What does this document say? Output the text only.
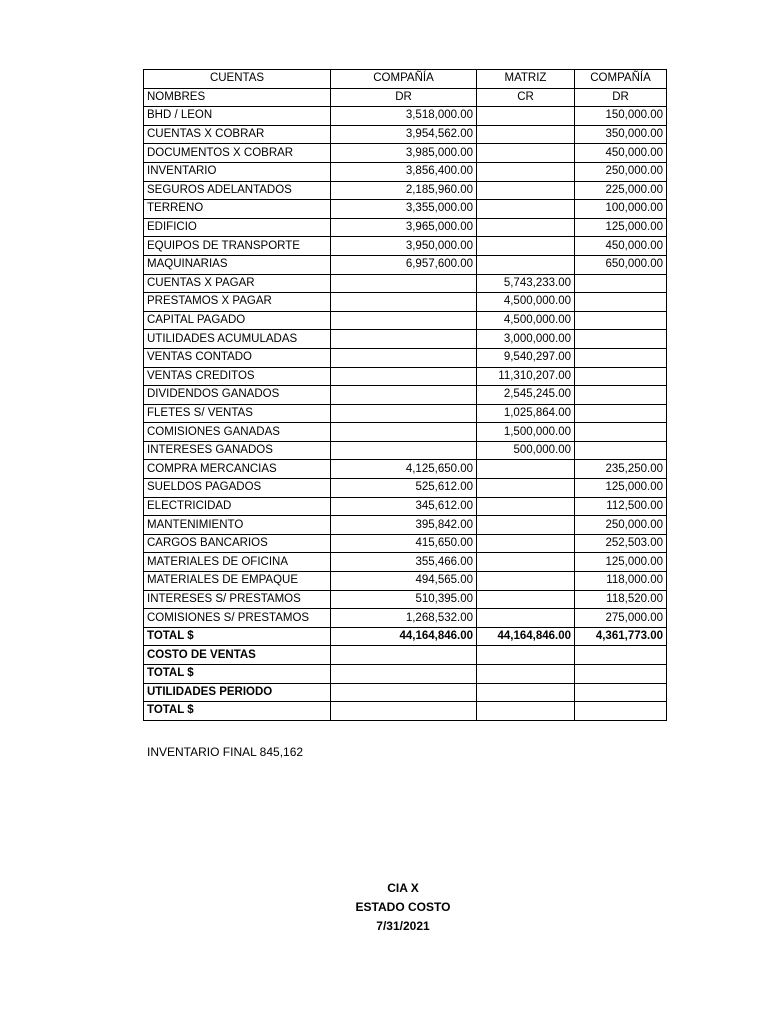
CUENTAS	COMPAÑÍA	MATRIZ	COMPAÑÍA
NOMBRES	DR	CR	DR
BHD / LEON	3,518,000.00		150,000.00
CUENTAS X COBRAR	3,954,562.00		350,000.00
DOCUMENTOS X COBRAR	3,985,000.00		450,000.00
INVENTARIO	3,856,400.00		250,000.00
SEGUROS ADELANTADOS	2,185,960.00		225,000.00
TERRENO	3,355,000.00		100,000.00
EDIFICIO	3,965,000.00		125,000.00
EQUIPOS DE TRANSPORTE	3,950,000.00		450,000.00
MAQUINARIAS	6,957,600.00		650,000.00
CUENTAS X PAGAR		5,743,233.00	
PRESTAMOS X PAGAR		4,500,000.00	
CAPITAL PAGADO		4,500,000.00	
UTILIDADES ACUMULADAS		3,000,000.00	
VENTAS CONTADO		9,540,297.00	
VENTAS CREDITOS		11,310,207.00	
DIVIDENDOS GANADOS		2,545,245.00	
FLETES S/ VENTAS		1,025,864.00	
COMISIONES GANADAS		1,500,000.00	
INTERESES GANADOS		500,000.00	
COMPRA MERCANCIAS	4,125,650.00		235,250.00
SUELDOS PAGADOS	525,612.00		125,000.00
ELECTRICIDAD	345,612.00		112,500.00
MANTENIMIENTO	395,842.00		250,000.00
CARGOS BANCARIOS	415,650.00		252,503.00
MATERIALES DE OFICINA	355,466.00		125,000.00
MATERIALES DE EMPAQUE	494,565.00		118,000.00
INTERESES S/ PRESTAMOS	510,395.00		118,520.00
COMISIONES S/ PRESTAMOS	1,268,532.00		275,000.00
TOTAL $	44,164,846.00	44,164,846.00	4,361,773.00
COSTO DE VENTAS			
TOTAL $			
UTILIDADES PERIODO			
TOTAL $			
INVENTARIO FINAL 845,162
CIA X
ESTADO COSTO
7/31/2021
